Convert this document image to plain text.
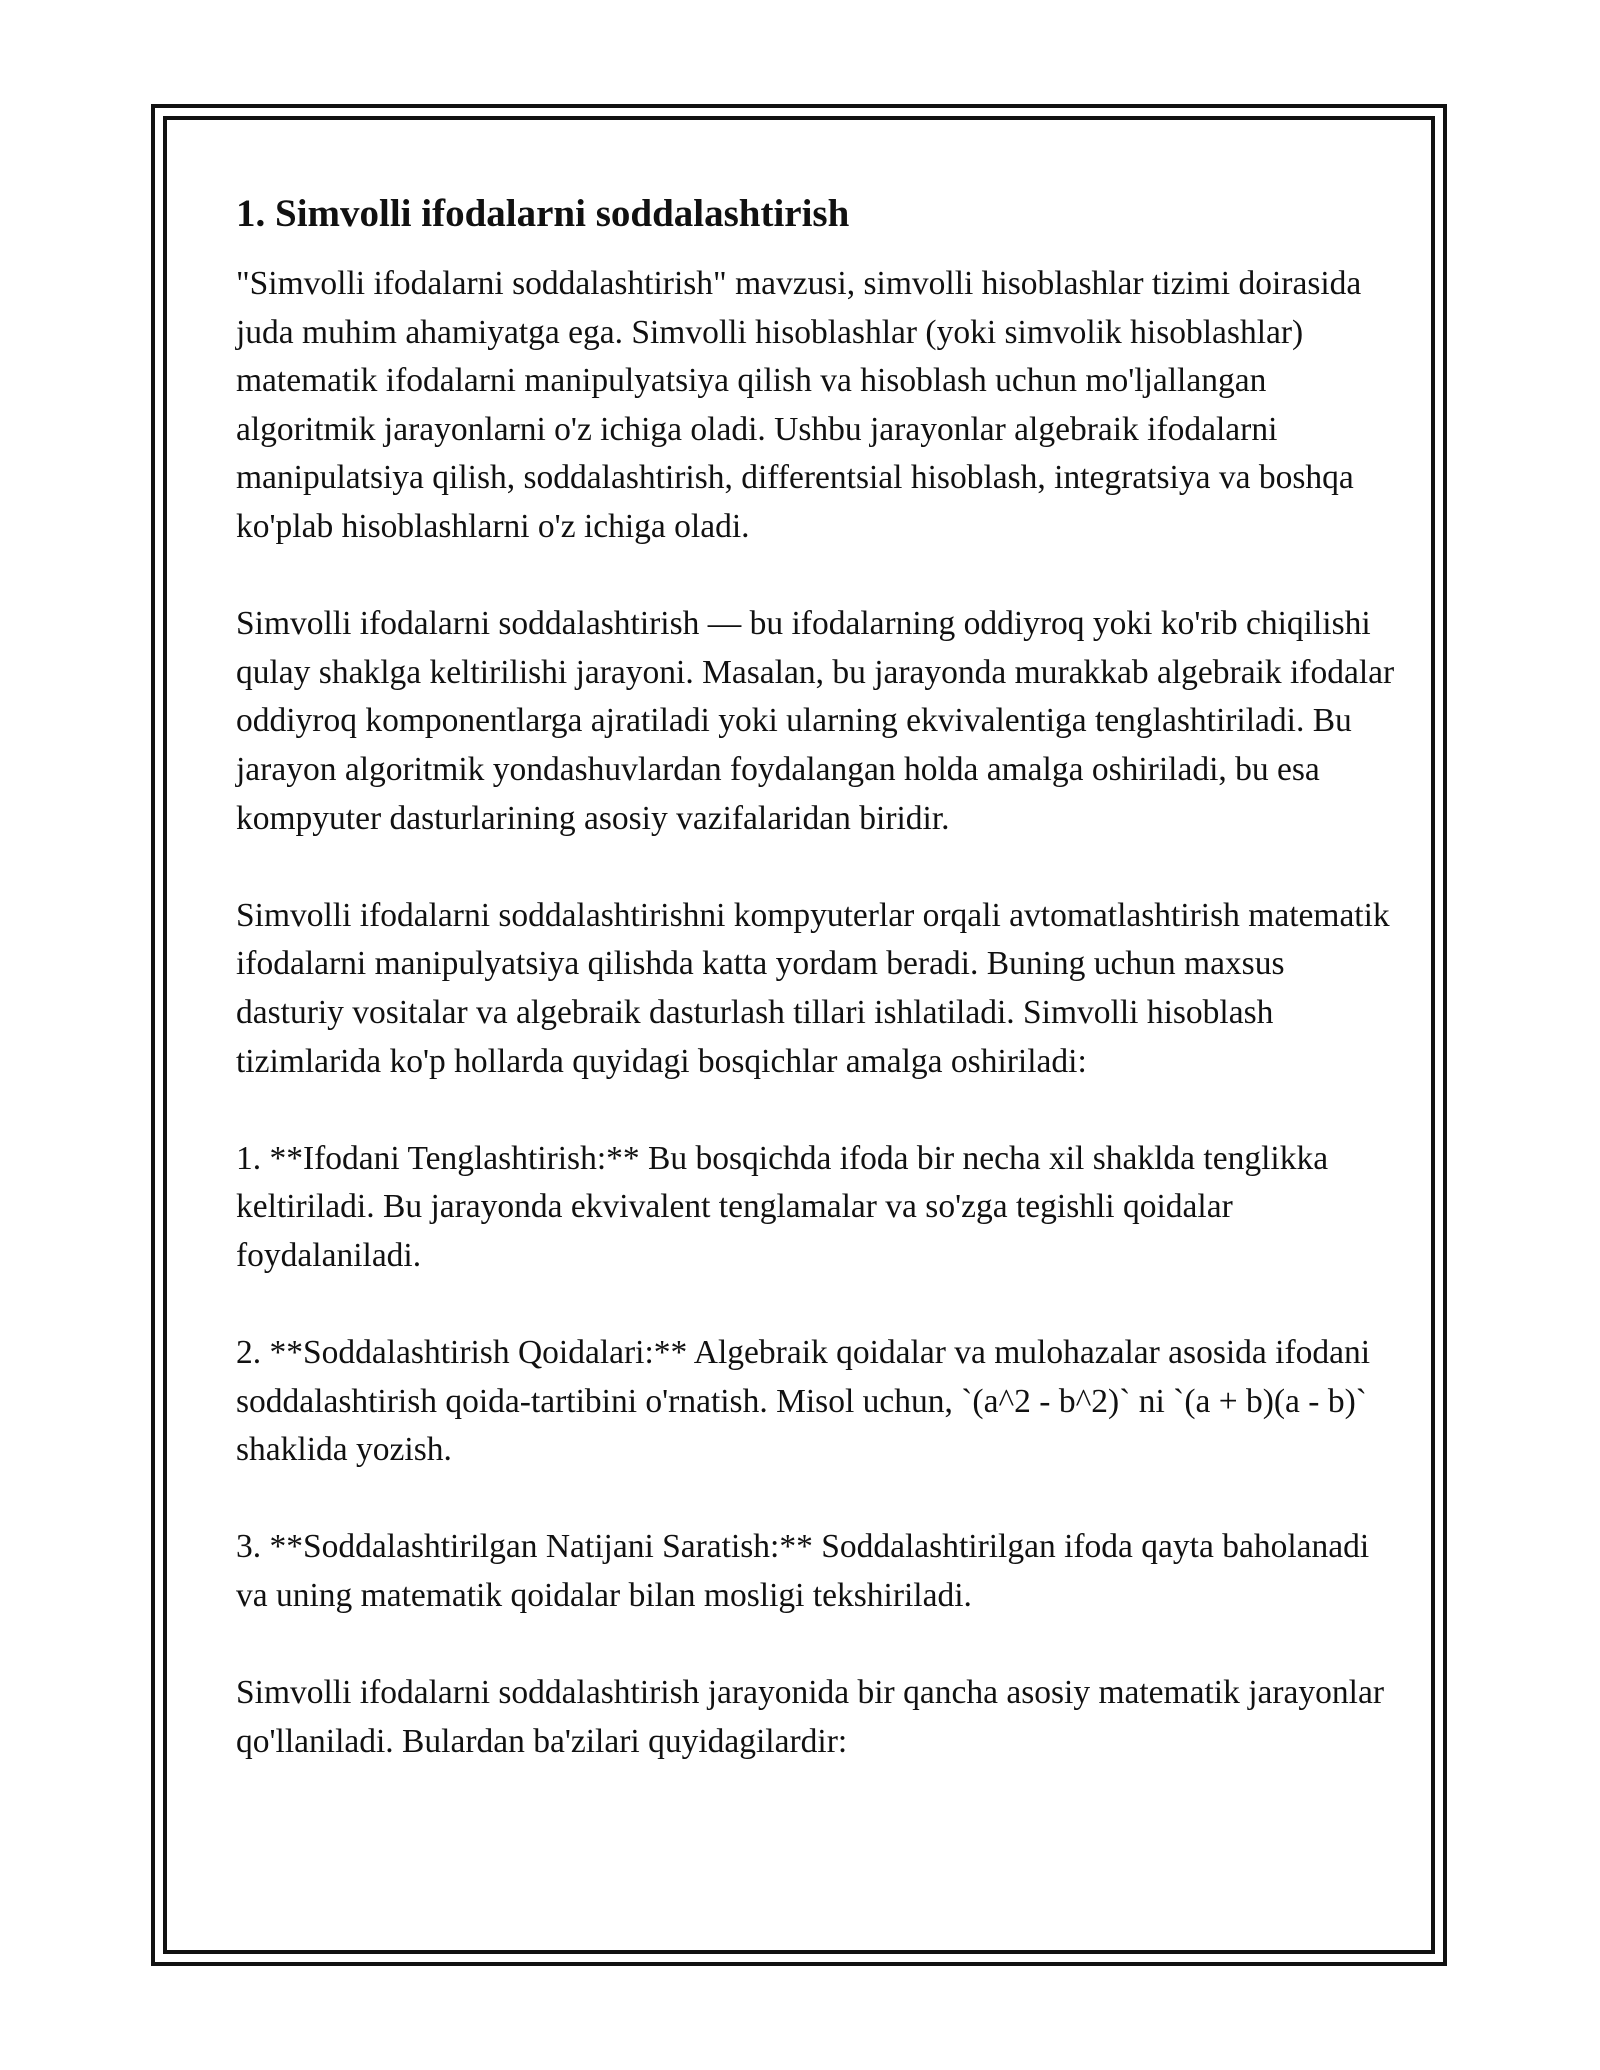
1. Simvolli ifodalarni soddalashtirish

"Simvolli ifodalarni soddalashtirish" mavzusi, simvolli hisoblashlar tizimi doirasida juda muhim ahamiyatga ega. Simvolli hisoblashlar (yoki simvolik hisoblashlar) matematik ifodalarni manipulyatsiya qilish va hisoblash uchun mo'ljallangan algoritmik jarayonlarni o'z ichiga oladi. Ushbu jarayonlar algebraik ifodalarni manipulatsiya qilish, soddalashtirish, differentsial hisoblash, integratsiya va boshqa ko'plab hisoblashlarni o'z ichiga oladi.

Simvolli ifodalarni soddalashtirish — bu ifodalarning oddiyroq yoki ko'rib chiqilishi qulay shaklga keltirilishi jarayoni. Masalan, bu jarayonda murakkab algebraik ifodalar oddiyroq komponentlarga ajratiladi yoki ularning ekvivalentiga tenglashtiriladi. Bu jarayon algoritmik yondashuvlardan foydalangan holda amalga oshiriladi, bu esa kompyuter dasturlarining asosiy vazifalaridan biridir.

Simvolli ifodalarni soddalashtirishni kompyuterlar orqali avtomatlashtirish matematik ifodalarni manipulyatsiya qilishda katta yordam beradi. Buning uchun maxsus dasturiy vositalar va algebraik dasturlash tillari ishlatiladi. Simvolli hisoblash tizimlarida ko'p hollarda quyidagi bosqichlar amalga oshiriladi:

1. **Ifodani Tenglashtirish:** Bu bosqichda ifoda bir necha xil shaklda tenglikka keltiriladi. Bu jarayonda ekvivalent tenglamalar va so'zga tegishli qoidalar foydalaniladi.

2. **Soddalashtirish Qoidalari:** Algebraik qoidalar va mulohazalar asosida ifodani soddalashtirish qoida-tartibini o'rnatish. Misol uchun, `(a^2 - b^2)` ni `(a + b)(a - b)` shaklida yozish.

3. **Soddalashtirilgan Natijani Saratish:** Soddalashtirilgan ifoda qayta baholanadi va uning matematik qoidalar bilan mosligi tekshiriladi.

Simvolli ifodalarni soddalashtirish jarayonida bir qancha asosiy matematik jarayonlar qo'llaniladi. Bulardan ba'zilari quyidagilardir:
